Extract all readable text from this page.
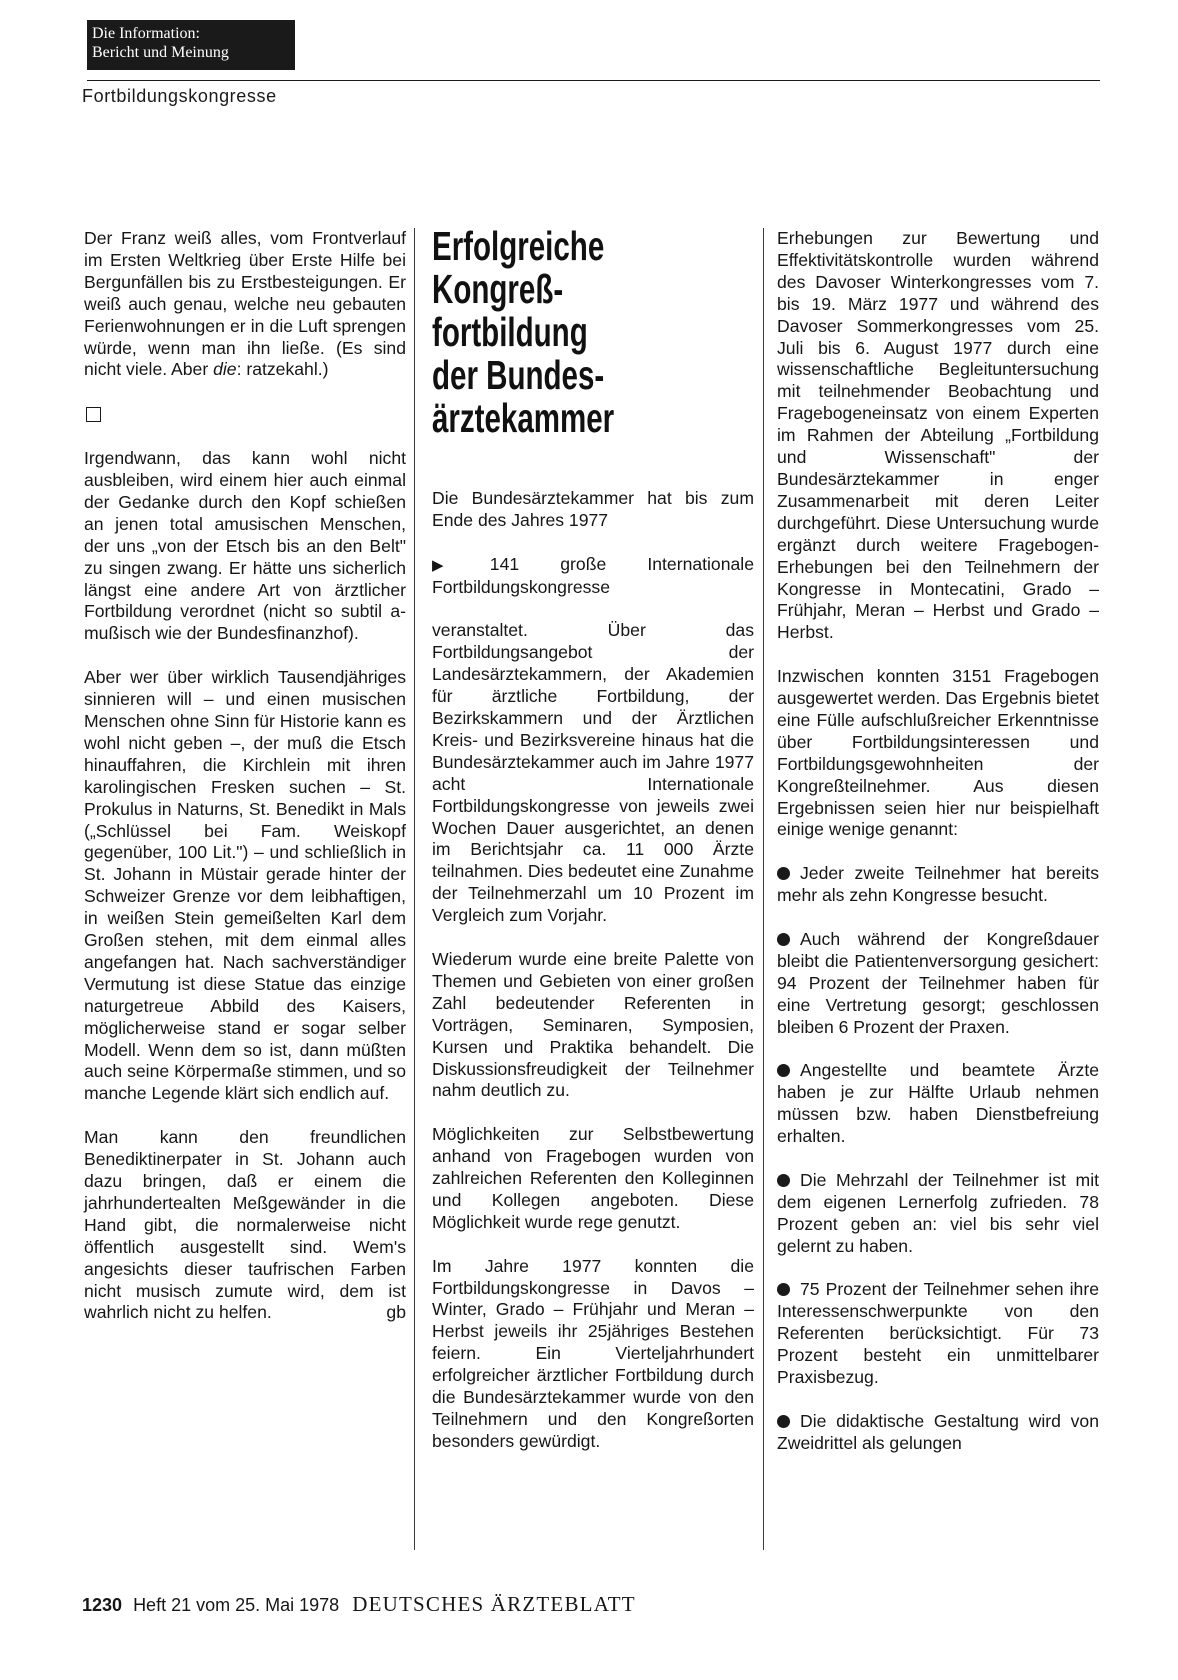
Die Information:
Bericht und Meinung
Fortbildungskongresse

Der Franz weiß alles, vom Frontverlauf im Ersten Weltkrieg über Erste Hilfe bei Bergunfällen bis zu Erstbesteigungen. Er weiß auch genau, welche neu gebauten Ferienwohnungen er in die Luft sprengen würde, wenn man ihn ließe. (Es sind nicht viele. Aber die: ratzekahl.)

Irgendwann, das kann wohl nicht ausbleiben, wird einem hier auch einmal der Gedanke durch den Kopf schießen an jenen total amusischen Menschen, der uns „von der Etsch bis an den Belt" zu singen zwang. Er hätte uns sicherlich längst eine andere Art von ärztlicher Fortbildung verordnet (nicht so subtil a-mußisch wie der Bundesfinanzhof).

Aber wer über wirklich Tausendjähriges sinnieren will – und einen musischen Menschen ohne Sinn für Historie kann es wohl nicht geben –, der muß die Etsch hinauffahren, die Kirchlein mit ihren karolingischen Fresken suchen – St. Prokulus in Naturns, St. Benedikt in Mals („Schlüssel bei Fam. Weiskopf gegenüber, 100 Lit.") – und schließlich in St. Johann in Müstair gerade hinter der Schweizer Grenze vor dem leibhaftigen, in weißen Stein gemeißelten Karl dem Großen stehen, mit dem einmal alles angefangen hat. Nach sachverständiger Vermutung ist diese Statue das einzige naturgetreue Abbild des Kaisers, möglicherweise stand er sogar selber Modell. Wenn dem so ist, dann müßten auch seine Körpermaße stimmen, und so manche Legende klärt sich endlich auf.

Man kann den freundlichen Benediktinerpater in St. Johann auch dazu bringen, daß er einem die jahrhundertealten Meßgewänder in die Hand gibt, die normalerweise nicht öffentlich ausgestellt sind. Wem's angesichts dieser taufrischen Farben nicht musisch zumute wird, dem ist wahrlich nicht zu helfen.	gb

Erfolgreiche
Kongreß-
fortbildung
der Bundes-
ärztekammer

Die Bundesärztekammer hat bis zum Ende des Jahres 1977

▶ 141 große Internationale Fortbildungskongresse

veranstaltet. Über das Fortbildungsangebot der Landesärztekammern, der Akademien für ärztliche Fortbildung, der Bezirkskammern und der Ärztlichen Kreis- und Bezirksvereine hinaus hat die Bundesärztekammer auch im Jahre 1977 acht Internationale Fortbildungskongresse von jeweils zwei Wochen Dauer ausgerichtet, an denen im Berichtsjahr ca. 11 000 Ärzte teilnahmen. Dies bedeutet eine Zunahme der Teilnehmerzahl um 10 Prozent im Vergleich zum Vorjahr.

Wiederum wurde eine breite Palette von Themen und Gebieten von einer großen Zahl bedeutender Referenten in Vorträgen, Seminaren, Symposien, Kursen und Praktika behandelt. Die Diskussionsfreudigkeit der Teilnehmer nahm deutlich zu.

Möglichkeiten zur Selbstbewertung anhand von Fragebogen wurden von zahlreichen Referenten den Kolleginnen und Kollegen angeboten. Diese Möglichkeit wurde rege genutzt.

Im Jahre 1977 konnten die Fortbildungskongresse in Davos – Winter, Grado – Frühjahr und Meran – Herbst jeweils ihr 25jähriges Bestehen feiern. Ein Vierteljahrhundert erfolgreicher ärztlicher Fortbildung durch die Bundesärztekammer wurde von den Teilnehmern und den Kongreßorten besonders gewürdigt.

Erhebungen zur Bewertung und Effektivitätskontrolle wurden während des Davoser Winterkongresses vom 7. bis 19. März 1977 und während des Davoser Sommerkongresses vom 25. Juli bis 6. August 1977 durch eine wissenschaftliche Begleituntersuchung mit teilnehmender Beobachtung und Fragebogeneinsatz von einem Experten im Rahmen der Abteilung „Fortbildung und Wissenschaft" der Bundesärztekammer in enger Zusammenarbeit mit deren Leiter durchgeführt. Diese Untersuchung wurde ergänzt durch weitere Fragebogen-Erhebungen bei den Teilnehmern der Kongresse in Montecatini, Grado – Frühjahr, Meran – Herbst und Grado – Herbst.

Inzwischen konnten 3151 Fragebogen ausgewertet werden. Das Ergebnis bietet eine Fülle aufschlußreicher Erkenntnisse über Fortbildungsinteressen und Fortbildungsgewohnheiten der Kongreßteilnehmer. Aus diesen Ergebnissen seien hier nur beispielhaft einige wenige genannt:

Jeder zweite Teilnehmer hat bereits mehr als zehn Kongresse besucht.

Auch während der Kongreßdauer bleibt die Patientenversorgung gesichert: 94 Prozent der Teilnehmer haben für eine Vertretung gesorgt; geschlossen bleiben 6 Prozent der Praxen.

Angestellte und beamtete Ärzte haben je zur Hälfte Urlaub nehmen müssen bzw. haben Dienstbefreiung erhalten.

Die Mehrzahl der Teilnehmer ist mit dem eigenen Lernerfolg zufrieden. 78 Prozent geben an: viel bis sehr viel gelernt zu haben.

75 Prozent der Teilnehmer sehen ihre Interessenschwerpunkte von den Referenten berücksichtigt. Für 73 Prozent besteht ein unmittelbarer Praxisbezug.

Die didaktische Gestaltung wird von Zweidrittel als gelungen

1230 Heft 21 vom 25. Mai 1978 DEUTSCHES ÄRZTEBLATT
